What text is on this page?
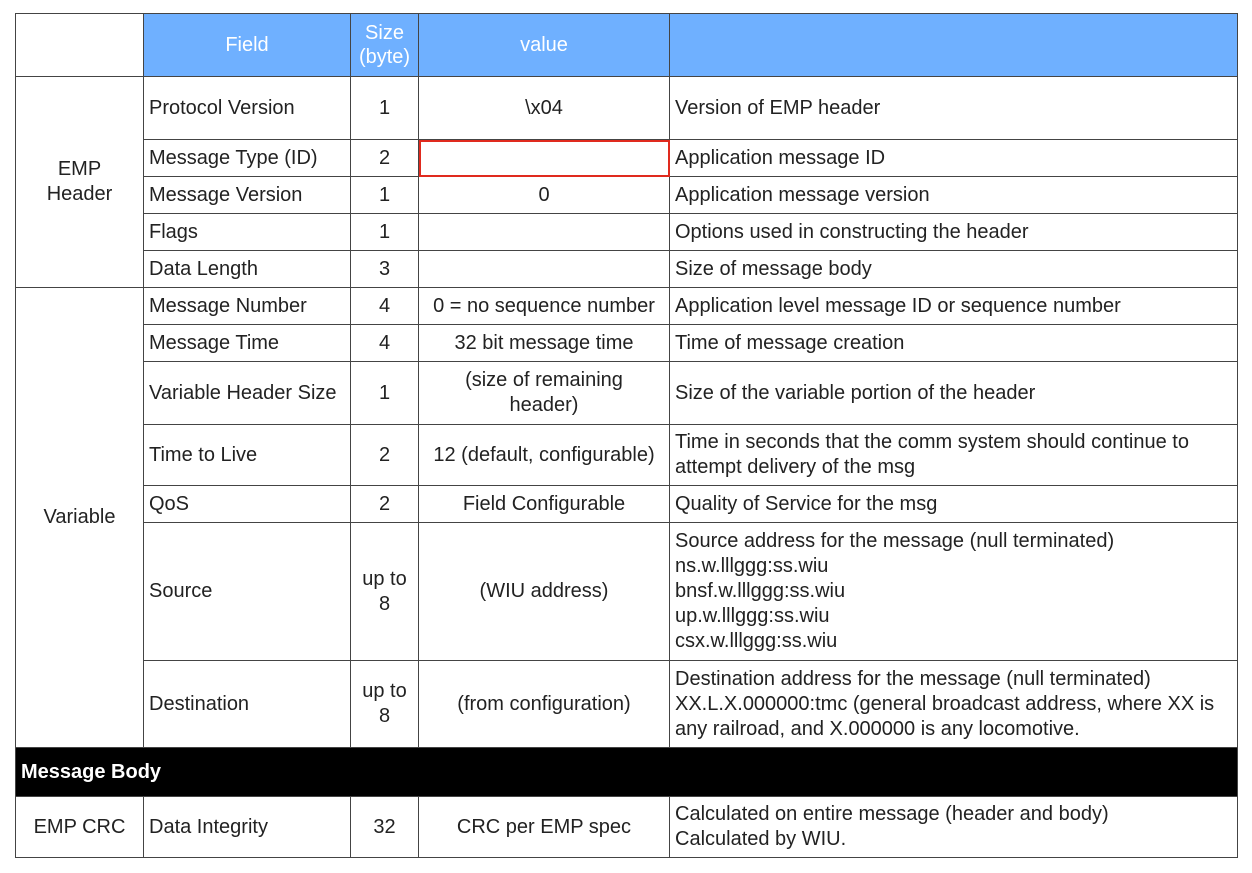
	Field	Size (byte)	value	
EMP Header	Protocol Version	1	\x04	Version of EMP header
	Message Type (ID)	2		Application message ID
	Message Version	1	0	Application message version
	Flags	1		Options used in constructing the header
	Data Length	3		Size of message body
Variable	Message Number	4	0 = no sequence number	Application level message ID or sequence number
	Message Time	4	32 bit message time	Time of message creation
	Variable Header Size	1	(size of remaining header)	Size of the variable portion of the header
	Time to Live	2	12 (default, configurable)	Time in seconds that the comm system should continue to attempt delivery of the msg
	QoS	2	Field Configurable	Quality of Service for the msg
	Source	up to 8	(WIU address)	Source address for the message (null terminated)
ns.w.lllggg:ss.wiu
bnsf.w.lllggg:ss.wiu
up.w.lllggg:ss.wiu
csx.w.lllggg:ss.wiu

	Destination	up to 8	(from configuration)	Destination address for the message (null terminated)
XX.L.X.000000:tmc (general broadcast address, where XX is any railroad, and X.000000 is any locomotive.

Message Body				
EMP CRC	Data Integrity	32	CRC per EMP spec	Calculated on entire message (header and body)
Calculated by WIU.
